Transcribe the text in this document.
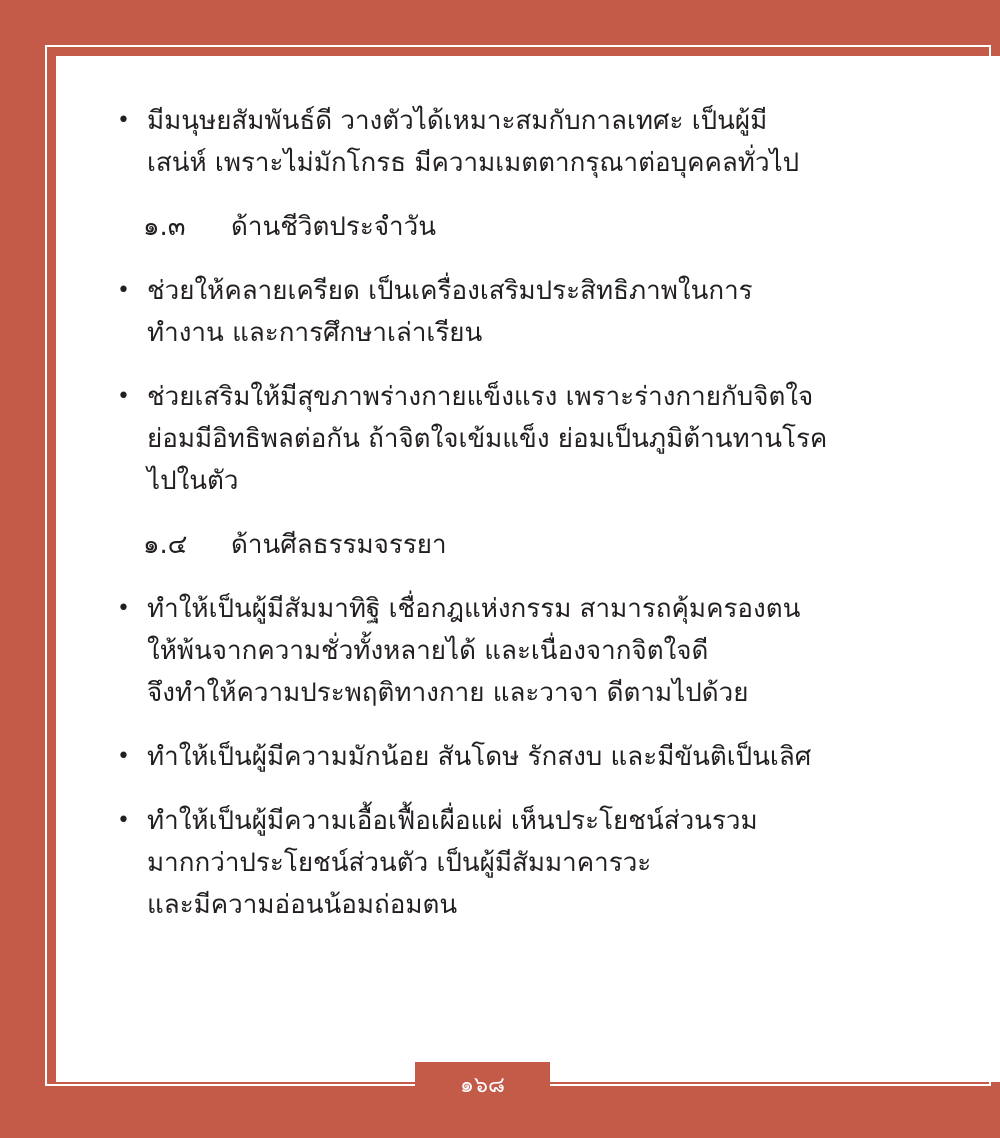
• มีมนุษยสัมพันธ์ดี วางตัวได้เหมาะสมกับกาลเทศะ เป็นผู้มี
เสน่ห์ เพราะไม่มักโกรธ มีความเมตตากรุณาต่อบุคคลทั่วไป
๑.๓ ด้านชีวิตประจำวัน
• ช่วยให้คลายเครียด เป็นเครื่องเสริมประสิทธิภาพในการ
ทำงาน และการศึกษาเล่าเรียน
• ช่วยเสริมให้มีสุขภาพร่างกายแข็งแรง เพราะร่างกายกับจิตใจ
ย่อมมีอิทธิพลต่อกัน ถ้าจิตใจเข้มแข็ง ย่อมเป็นภูมิต้านทานโรค
ไปในตัว
๑.๔ ด้านศีลธรรมจรรยา
• ทำให้เป็นผู้มีสัมมาทิฐิ เชื่อกฎแห่งกรรม สามารถคุ้มครองตน
ให้พ้นจากความชั่วทั้งหลายได้ และเนื่องจากจิตใจดี
จึงทำให้ความประพฤติทางกาย และวาจา ดีตามไปด้วย
• ทำให้เป็นผู้มีความมักน้อย สันโดษ รักสงบ และมีขันติเป็นเลิศ
• ทำให้เป็นผู้มีความเอื้อเฟื้อเผื่อแผ่ เห็นประโยชน์ส่วนรวม
มากกว่าประโยชน์ส่วนตัว เป็นผู้มีสัมมาคารวะ
และมีความอ่อนน้อมถ่อมตน
๑๖๘
